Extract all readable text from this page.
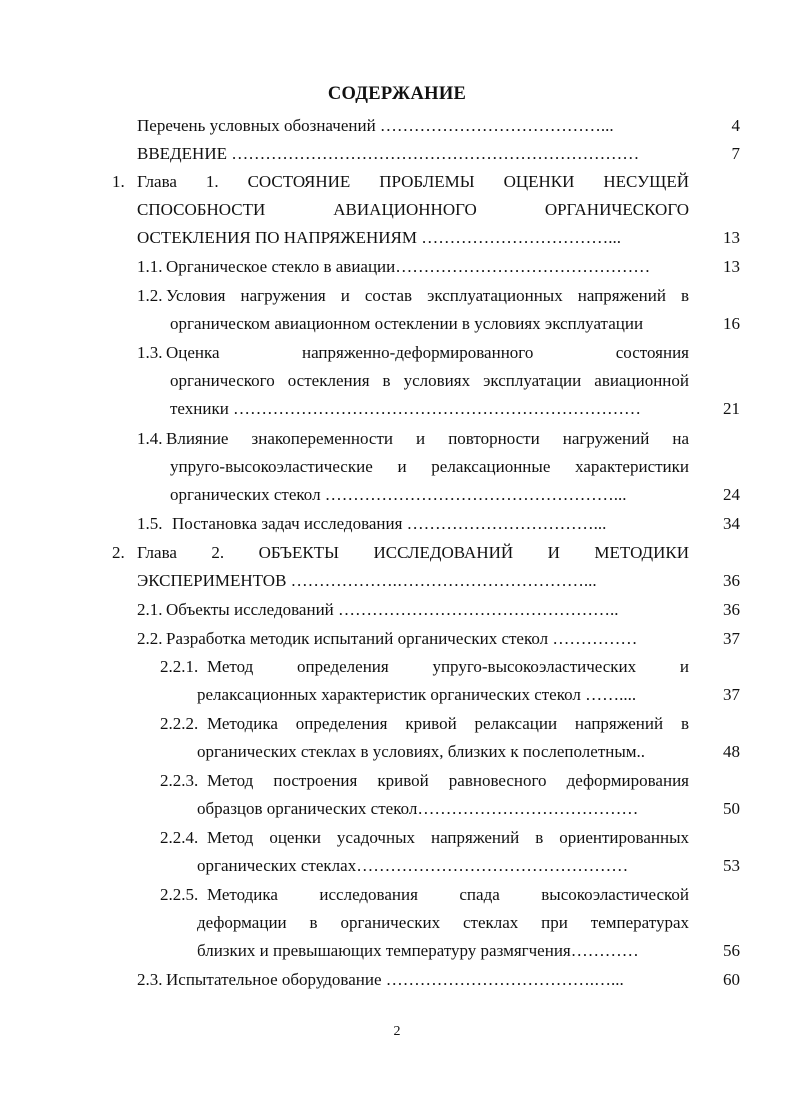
СОДЕРЖАНИЕ
Перечень условных обозначений …………………………………...	4
ВВЕДЕНИЕ ………………………………………………………………	7
1. Глава 1. СОСТОЯНИЕ ПРОБЛЕМЫ ОЦЕНКИ НЕСУЩЕЙ
СПОСОБНОСТИ АВИАЦИОННОГО ОРГАНИЧЕСКОГО
ОСТЕКЛЕНИЯ ПО НАПРЯЖЕНИЯМ ……………………………...	13
1.1. Органическое стекло в авиации………………………………………	13
1.2. Условия нагружения и состав эксплуатационных напряжений в
органическом авиационном остеклении в условиях эксплуатации	16
1.3. Оценка напряженно-деформированного состояния
органического остекления в условиях эксплуатации авиационной
техники ………………………………………………………………	21
1.4. Влияние знакопеременности и повторности нагружений на
упруго-высокоэластические и релаксационные характеристики
органических стекол ……………………………………………...	24
1.5. Постановка задач исследования ……………………………...	34
2. Глава 2. ОБЪЕКТЫ ИССЛЕДОВАНИЙ И МЕТОДИКИ
ЭКСПЕРИМЕНТОВ ……………….……………………………...	36
2.1. Объекты исследований …………………………………………..	36
2.2. Разработка методик испытаний органических стекол ……………	37
2.2.1. Метод определения упруго-высокоэластических и
релаксационных характеристик органических стекол ……....	37
2.2.2. Методика определения кривой релаксации напряжений в
органических стеклах в условиях, близких к послеполетным..	48
2.2.3. Метод построения кривой равновесного деформирования
образцов органических стекол…………………………………	50
2.2.4. Метод оценки усадочных напряжений в ориентированных
органических стеклах…………………………………………	53
2.2.5. Методика исследования спада высокоэластической
деформации в органических стеклах при температурах
близких и превышающих температуру размягчения…………	56
2.3. Испытательное оборудование ……………………………….…...	60
2
